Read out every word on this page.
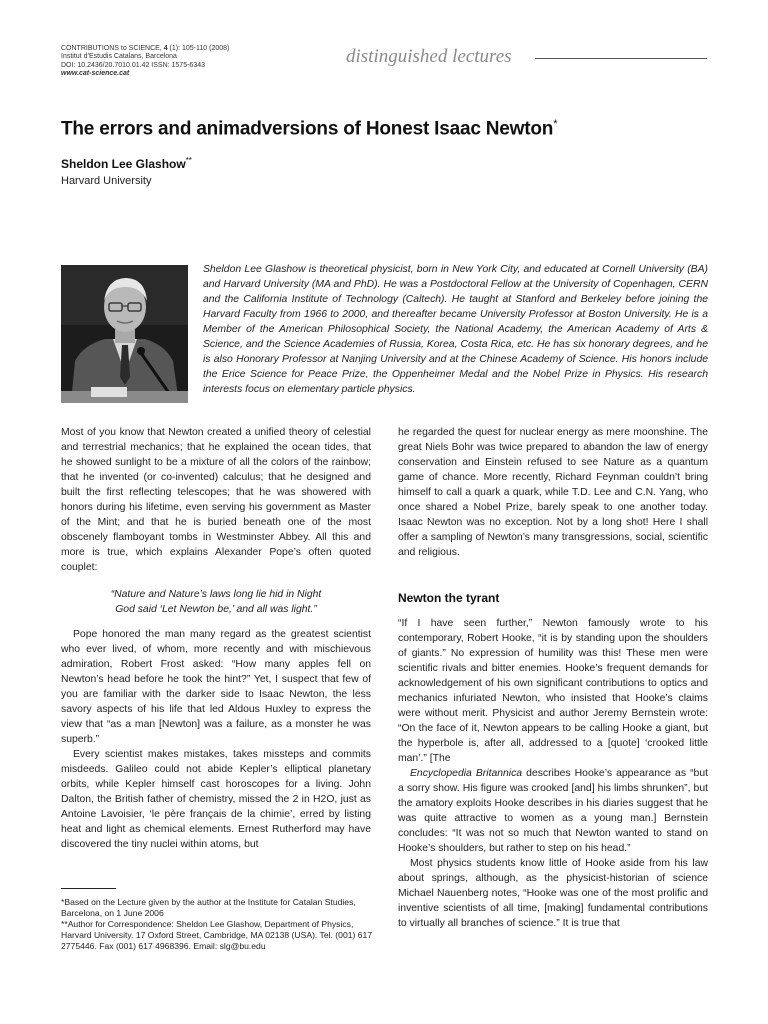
CONTRIBUTIONS to SCIENCE, 4 (1): 105-110 (2008)
Institut d’Estudis Catalans, Barcelona
DOI: 10.2436/20.7010.01.42 ISSN: 1575-6343
www.cat-science.cat
distinguished lectures
The errors and animadversions of Honest Isaac Newton*
Sheldon Lee Glashow**
Harvard University

Sheldon Lee Glashow is theoretical physicist, born in New York City, and educated at Cornell University (BA) and Harvard University (MA and PhD). He was a Postdoctoral Fellow at the University of Copenhagen, CERN and the California Institute of Technology (Caltech). He taught at Stanford and Berkeley before joining the Harvard Faculty from 1966 to 2000, and thereafter became University Professor at Boston University. He is a Member of the American Philosophical Society, the National Academy, the American Academy of Arts & Science, and the Science Academies of Russia, Korea, Costa Rica, etc. He has six honorary degrees, and he is also Honorary Professor at Nanjing University and at the Chinese Academy of Science. His honors include the Erice Science for Peace Prize, the Oppenheimer Medal and the Nobel Prize in Physics. His research interests focus on elementary particle physics.

Most of you know that Newton created a unified theory of celestial and terrestrial mechanics; that he explained the ocean tides, that he showed sunlight to be a mixture of all the colors of the rainbow; that he invented (or co-invented) calculus; that he designed and built the first reflecting telescopes; that he was showered with honors during his lifetime, even serving his government as Master of the Mint; and that he is buried beneath one of the most obscenely flamboyant tombs in Westminster Abbey. All this and more is true, which explains Alexander Pope’s often quoted couplet:

“Nature and Nature’s laws long lie hid in Night
God said ‘Let Newton be,’ and all was light.”

Pope honored the man many regard as the greatest scientist who ever lived, of whom, more recently and with mischievous admiration, Robert Frost asked: “How many apples fell on Newton’s head before he took the hint?” Yet, I suspect that few of you are familiar with the darker side to Isaac Newton, the less savory aspects of his life that led Aldous Huxley to express the view that “as a man [Newton] was a failure, as a monster he was superb.”

Every scientist makes mistakes, takes missteps and commits misdeeds. Galileo could not abide Kepler’s elliptical planetary orbits, while Kepler himself cast horoscopes for a living. John Dalton, the British father of chemistry, missed the 2 in H2O, just as Antoine Lavoisier, ‘le père français de la chimie’, erred by listing heat and light as chemical elements. Ernest Rutherford may have discovered the tiny nuclei within atoms, but

he regarded the quest for nuclear energy as mere moonshine. The great Niels Bohr was twice prepared to abandon the law of energy conservation and Einstein refused to see Nature as a quantum game of chance. More recently, Richard Feynman couldn’t bring himself to call a quark a quark, while T.D. Lee and C.N. Yang, who once shared a Nobel Prize, barely speak to one another today. Isaac Newton was no exception. Not by a long shot! Here I shall offer a sampling of Newton’s many transgressions, social, scientific and religious.

Newton the tyrant

“If I have seen further,” Newton famously wrote to his contemporary, Robert Hooke, “it is by standing upon the shoulders of giants.” No expression of humility was this! These men were scientific rivals and bitter enemies. Hooke’s frequent demands for acknowledgement of his own significant contributions to optics and mechanics infuriated Newton, who insisted that Hooke’s claims were without merit. Physicist and author Jeremy Bernstein wrote: “On the face of it, Newton appears to be calling Hooke a giant, but the hyperbole is, after all, addressed to a [quote] ‘crooked little man’.” [The

Encyclopedia Britannica describes Hooke’s appearance as “but a sorry show. His figure was crooked [and] his limbs shrunken”, but the amatory exploits Hooke describes in his diaries suggest that he was quite attractive to women as a young man.] Bernstein concludes: “It was not so much that Newton wanted to stand on Hooke’s shoulders, but rather to step on his head.”

Most physics students know little of Hooke aside from his law about springs, although, as the physicist-historian of science Michael Nauenberg notes, “Hooke was one of the most prolific and inventive scientists of all time, [making] fundamental contributions to virtually all branches of science.” It is true that

*Based on the Lecture given by the author at the Institute for Catalan Studies, Barcelona, on 1 June 2006

**Author for Correspondence: Sheldon Lee Glashow, Department of Physics, Harvard University. 17 Oxford Street, Cambridge, MA 02138 (USA). Tel. (001) 617 2775446. Fax (001) 617 4968396. Email: slg@bu.edu
